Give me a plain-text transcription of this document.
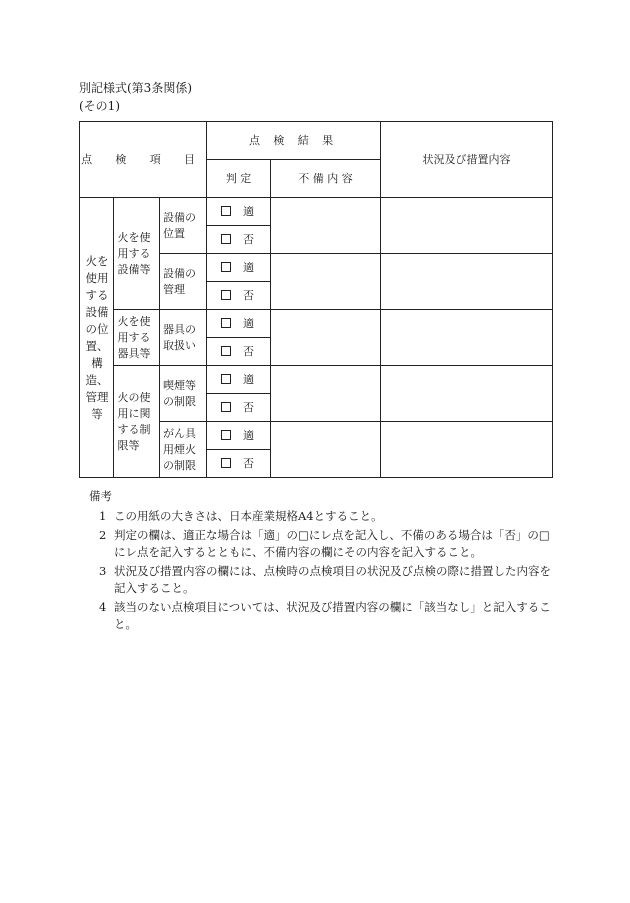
別記様式(第3条関係)
(その1)
点 検 項 目			点 検 結 果		状況及び措置内容
			判 定	不 備 内 容	
火を使用する設備の位置、構造、管理等	火を使用する設備等	設備の位置	適		
			否		
		設備の管理	適		
			否		
	火を使用する器具等	器具の取扱い	適		
			否		
	火の使用に関する制限等	喫煙等の制限	適		
			否		
		がん具用煙火の制限	適		
			否		
備考
1 この用紙の大きさは、日本産業規格A4とすること。
2 判定の欄は、適正な場合は「適」の□にレ点を記入し、不備のある場合は「否」の□にレ点を記入するとともに、不備内容の欄にその内容を記入すること。
3 状況及び措置内容の欄には、点検時の点検項目の状況及び点検の際に措置した内容を記入すること。
4 該当のない点検項目については、状況及び措置内容の欄に「該当なし」と記入すること。
